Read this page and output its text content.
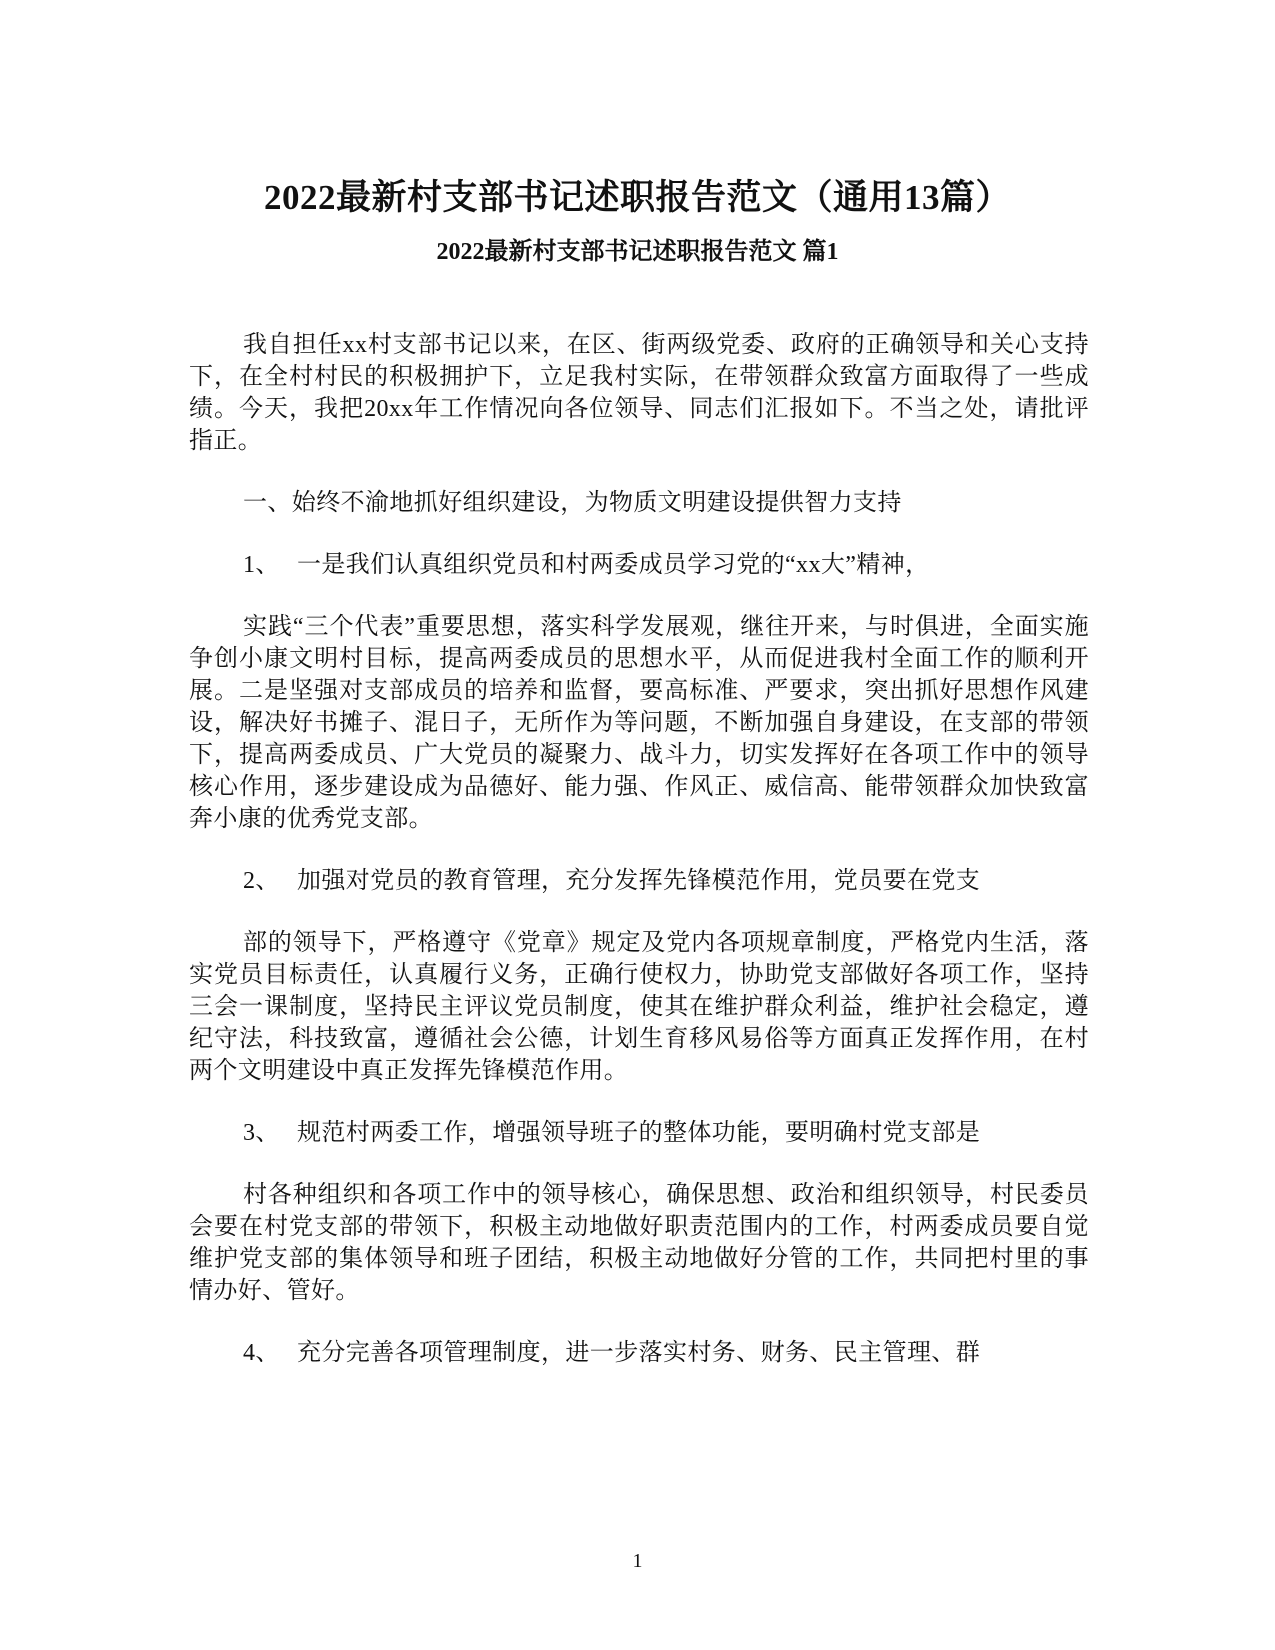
2022最新村支部书记述职报告范文（通用13篇）
2022最新村支部书记述职报告范文 篇1

我自担任xx村支部书记以来，在区、街两级党委、政府的正确领导和关心支持下，在全村村民的积极拥护下，立足我村实际，在带领群众致富方面取得了一些成绩。今天，我把20xx年工作情况向各位领导、同志们汇报如下。不当之处，请批评指正。

一、始终不渝地抓好组织建设，为物质文明建设提供智力支持

1、 一是我们认真组织党员和村两委成员学习党的“xx大”精神，

实践“三个代表”重要思想，落实科学发展观，继往开来，与时俱进，全面实施争创小康文明村目标，提高两委成员的思想水平，从而促进我村全面工作的顺利开展。二是坚强对支部成员的培养和监督，要高标准、严要求，突出抓好思想作风建设，解决好书摊子、混日子，无所作为等问题，不断加强自身建设，在支部的带领下，提高两委成员、广大党员的凝聚力、战斗力，切实发挥好在各项工作中的领导核心作用，逐步建设成为品德好、能力强、作风正、威信高、能带领群众加快致富奔小康的优秀党支部。

2、 加强对党员的教育管理，充分发挥先锋模范作用，党员要在党支

部的领导下，严格遵守《党章》规定及党内各项规章制度，严格党内生活，落实党员目标责任，认真履行义务，正确行使权力，协助党支部做好各项工作，坚持三会一课制度，坚持民主评议党员制度，使其在维护群众利益，维护社会稳定，遵纪守法，科技致富，遵循社会公德，计划生育移风易俗等方面真正发挥作用，在村两个文明建设中真正发挥先锋模范作用。

3、 规范村两委工作，增强领导班子的整体功能，要明确村党支部是

村各种组织和各项工作中的领导核心，确保思想、政治和组织领导，村民委员会要在村党支部的带领下，积极主动地做好职责范围内的工作，村两委成员要自觉维护党支部的集体领导和班子团结，积极主动地做好分管的工作，共同把村里的事情办好、管好。

4、 充分完善各项管理制度，进一步落实村务、财务、民主管理、群
1
